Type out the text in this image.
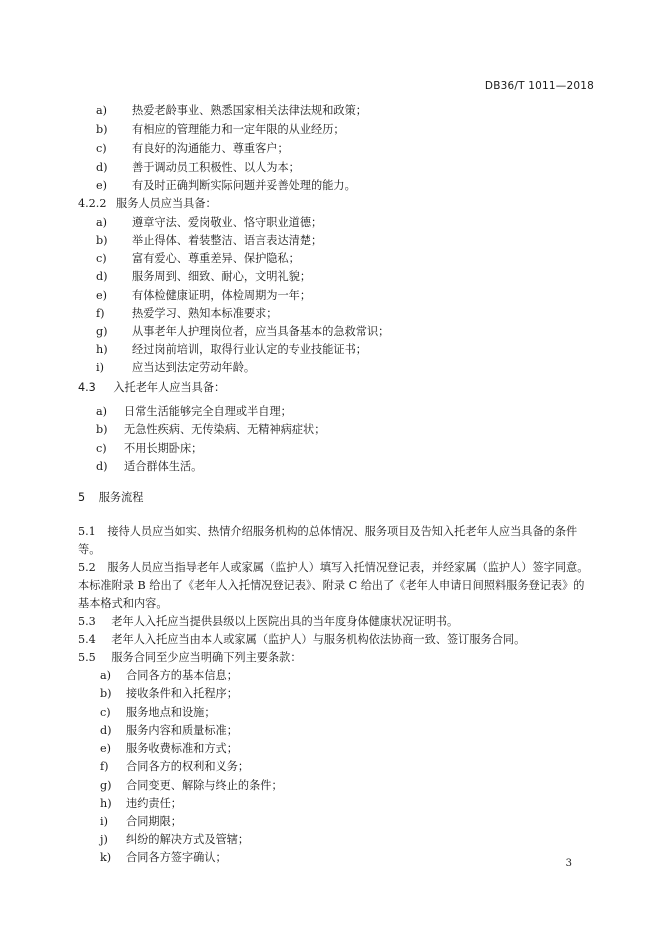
DB36/T 1011—2018
a)	热爱老龄事业、熟悉国家相关法律法规和政策；
b)	有相应的管理能力和一定年限的从业经历；
c)	有良好的沟通能力、尊重客户；
d)	善于调动员工积极性、以人为本；
e)	有及时正确判断实际问题并妥善处理的能力。
4.2.2 服务人员应当具备：
a)	遵章守法、爱岗敬业、恪守职业道德；
b)	举止得体、着装整洁、语言表达清楚；
c)	富有爱心、尊重差异、保护隐私；
d)	服务周到、细致、耐心，文明礼貌；
e)	有体检健康证明，体检周期为一年；
f)	热爱学习、熟知本标准要求；
g)	从事老年人护理岗位者，应当具备基本的急救常识；
h)	经过岗前培训，取得行业认定的专业技能证书；
i)	应当达到法定劳动年龄。
4.3 入托老年人应当具备：
a)	日常生活能够完全自理或半自理；
b)	无急性疾病、无传染病、无精神病症状；
c)	不用长期卧床；
d)	适合群体生活。
5 服务流程
5.1 接待人员应当如实、热情介绍服务机构的总体情况、服务项目及告知入托老年人应当具备的条件
等。
5.2 服务人员应当指导老年人或家属（监护人）填写入托情况登记表，并经家属（监护人）签字同意。
本标准附录 B 给出了《老年人入托情况登记表》、附录 C 给出了《老年人申请日间照料服务登记表》的
基本格式和内容。
5.3 老年人入托应当提供县级以上医院出具的当年度身体健康状况证明书。
5.4 老年人入托应当由本人或家属（监护人）与服务机构依法协商一致、签订服务合同。
5.5 服务合同至少应当明确下列主要条款：
a)	合同各方的基本信息；
b)	接收条件和入托程序；
c)	服务地点和设施；
d)	服务内容和质量标准；
e)	服务收费标准和方式；
f)	合同各方的权利和义务；
g)	合同变更、解除与终止的条件；
h)	违约责任；
i)	合同期限；
j)	纠纷的解决方式及管辖；
k)	合同各方签字确认；	3
